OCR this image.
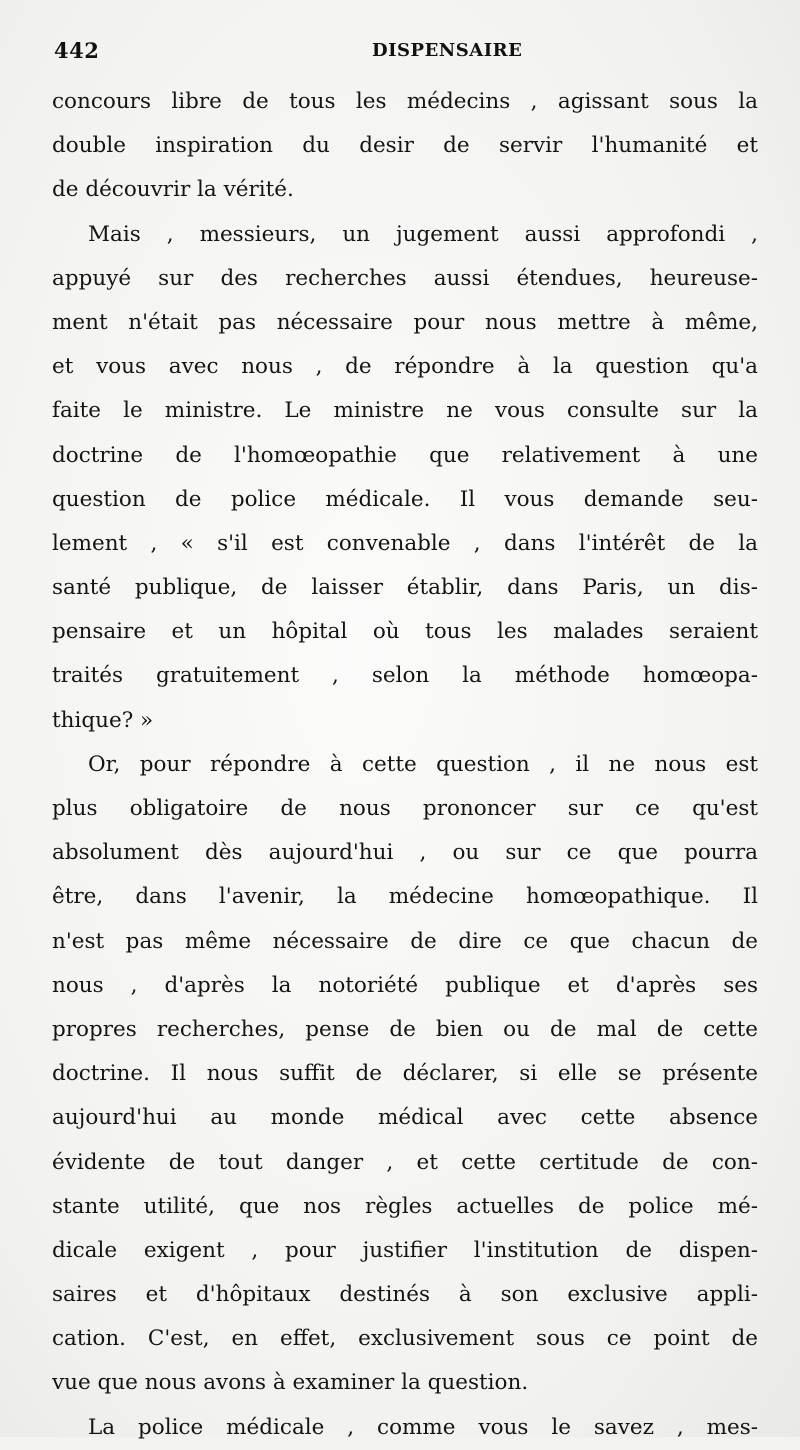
442	DISPENSAIRE
concours libre de tous les médecins , agissant sous la
double inspiration du desir de servir l'humanité et
de découvrir la vérité.
Mais , messieurs, un jugement aussi approfondi ,
appuyé sur des recherches aussi étendues, heureuse-
ment n'était pas nécessaire pour nous mettre à même,
et vous avec nous , de répondre à la question qu'a
faite le ministre. Le ministre ne vous consulte sur la
doctrine de l'homœopathie que relativement à une
question de police médicale. Il vous demande seu-
lement , « s'il est convenable , dans l'intérêt de la
santé publique, de laisser établir, dans Paris, un dis-
pensaire et un hôpital où tous les malades seraient
traités gratuitement , selon la méthode homœopa-
thique? »
Or, pour répondre à cette question , il ne nous est
plus obligatoire de nous prononcer sur ce qu'est
absolument dès aujourd'hui , ou sur ce que pourra
être, dans l'avenir, la médecine homœopathique. Il
n'est pas même nécessaire de dire ce que chacun de
nous , d'après la notoriété publique et d'après ses
propres recherches, pense de bien ou de mal de cette
doctrine. Il nous suffit de déclarer, si elle se présente
aujourd'hui au monde médical avec cette absence
évidente de tout danger , et cette certitude de con-
stante utilité, que nos règles actuelles de police mé-
dicale exigent , pour justifier l'institution de dispen-
saires et d'hôpitaux destinés à son exclusive appli-
cation. C'est, en effet, exclusivement sous ce point de
vue que nous avons à examiner la question.
La police médicale , comme vous le savez , mes-
